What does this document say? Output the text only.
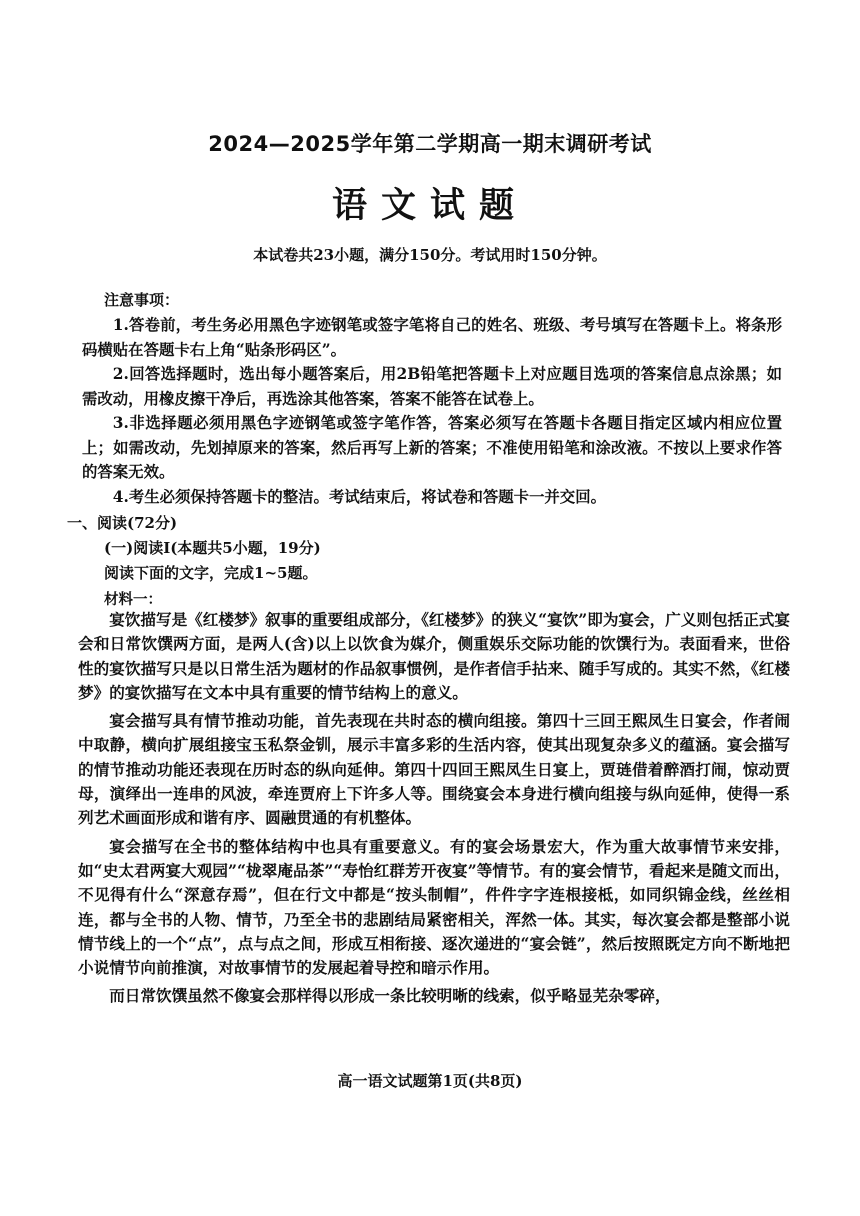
2024—2025学年第二学期高一期末调研考试
语文试题

本试卷共23小题，满分150分。考试用时150分钟。

注意事项：

1.答卷前，考生务必用黑色字迹钢笔或签字笔将自己的姓名、班级、考号填写在答题卡上。将条形码横贴在答题卡右上角“贴条形码区”。

2.回答选择题时，选出每小题答案后，用2B铅笔把答题卡上对应题目选项的答案信息点涂黑；如需改动，用橡皮擦干净后，再选涂其他答案，答案不能答在试卷上。

3.非选择题必须用黑色字迹钢笔或签字笔作答，答案必须写在答题卡各题目指定区域内相应位置上；如需改动，先划掉原来的答案，然后再写上新的答案；不准使用铅笔和涂改液。不按以上要求作答的答案无效。

4.考生必须保持答题卡的整洁。考试结束后，将试卷和答题卡一并交回。

一、阅读(72分)

(一)阅读Ⅰ(本题共5小题，19分)

阅读下面的文字，完成1~5题。

材料一：

宴饮描写是《红楼梦》叙事的重要组成部分，《红楼梦》的狭义“宴饮”即为宴会，广义则包括正式宴会和日常饮馔两方面，是两人(含)以上以饮食为媒介，侧重娱乐交际功能的饮馔行为。表面看来，世俗性的宴饮描写只是以日常生活为题材的作品叙事惯例，是作者信手拈来、随手写成的。其实不然，《红楼梦》的宴饮描写在文本中具有重要的情节结构上的意义。

宴会描写具有情节推动功能，首先表现在共时态的横向组接。第四十三回王熙凤生日宴会，作者闹中取静，横向扩展组接宝玉私祭金钏，展示丰富多彩的生活内容，使其出现复杂多义的蕴涵。宴会描写的情节推动功能还表现在历时态的纵向延伸。第四十四回王熙凤生日宴上，贾琏借着醉酒打闹，惊动贾母，演绎出一连串的风波，牵连贾府上下许多人等。围绕宴会本身进行横向组接与纵向延伸，使得一系列艺术画面形成和谐有序、圆融贯通的有机整体。

宴会描写在全书的整体结构中也具有重要意义。有的宴会场景宏大，作为重大故事情节来安排，如“史太君两宴大观园”“栊翠庵品茶”“寿怡红群芳开夜宴”等情节。有的宴会情节，看起来是随文而出，不见得有什么“深意存焉”，但在行文中都是“按头制帽”，件件字字连根接柢，如同织锦金线，丝丝相连，都与全书的人物、情节，乃至全书的悲剧结局紧密相关，浑然一体。其实，每次宴会都是整部小说情节线上的一个“点”，点与点之间，形成互相衔接、逐次递进的“宴会链”，然后按照既定方向不断地把小说情节向前推演，对故事情节的发展起着导控和暗示作用。

而日常饮馔虽然不像宴会那样得以形成一条比较明晰的线索，似乎略显芜杂零碎，

高一语文试题第1页(共8页)
